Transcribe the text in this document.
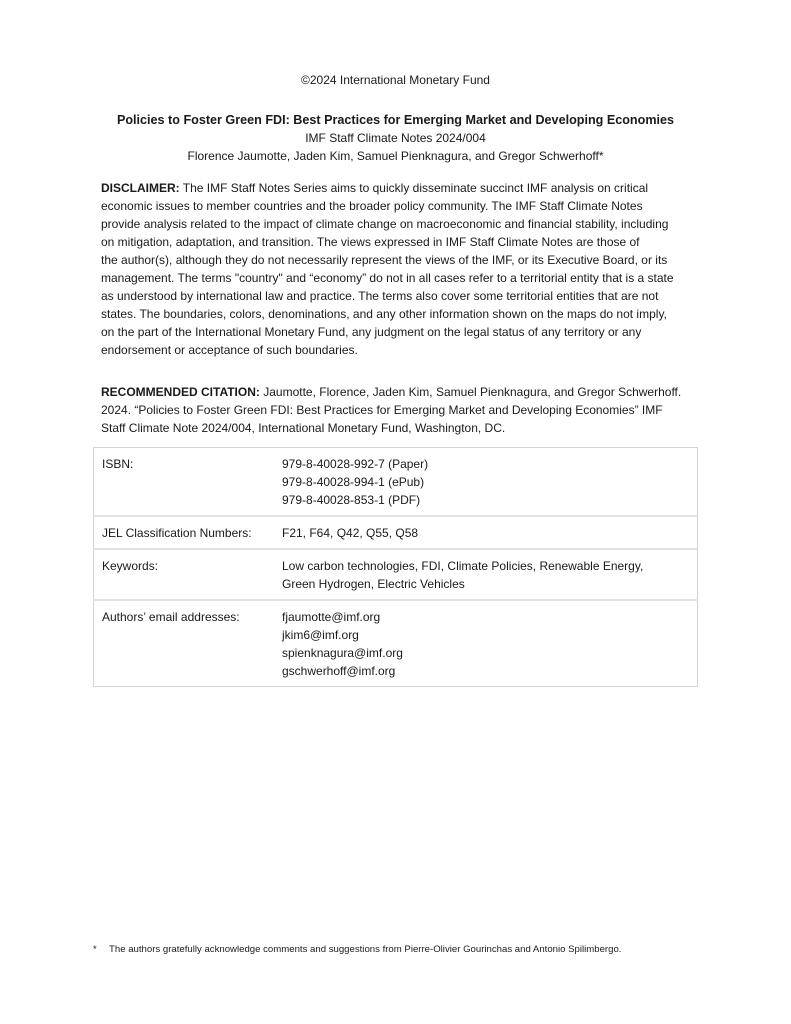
©2024 International Monetary Fund
Policies to Foster Green FDI: Best Practices for Emerging Market and Developing Economies
IMF Staff Climate Notes 2024/004
Florence Jaumotte, Jaden Kim, Samuel Pienknagura, and Gregor Schwerhoff*
DISCLAIMER: The IMF Staff Notes Series aims to quickly disseminate succinct IMF analysis on critical
economic issues to member countries and the broader policy community. The IMF Staff Climate Notes
provide analysis related to the impact of climate change on macroeconomic and financial stability, including
on mitigation, adaptation, and transition. The views expressed in IMF Staff Climate Notes are those of
the author(s), although they do not necessarily represent the views of the IMF, or its Executive Board, or its
management. The terms "country" and “economy” do not in all cases refer to a territorial entity that is a state
as understood by international law and practice. The terms also cover some territorial entities that are not
states. The boundaries, colors, denominations, and any other information shown on the maps do not imply,
on the part of the International Monetary Fund, any judgment on the legal status of any territory or any
endorsement or acceptance of such boundaries.
RECOMMENDED CITATION: Jaumotte, Florence, Jaden Kim, Samuel Pienknagura, and Gregor Schwerhoff.
2024. “Policies to Foster Green FDI: Best Practices for Emerging Market and Developing Economies” IMF
Staff Climate Note 2024/004, International Monetary Fund, Washington, DC.
ISBN:	979-8-40028-992-7 (Paper)
979-8-40028-994-1 (ePub)
979-8-40028-853-1 (PDF)

JEL Classification Numbers:	F21, F64, Q42, Q55, Q58
Keywords:	Low carbon technologies, FDI, Climate Policies, Renewable Energy,
Green Hydrogen, Electric Vehicles

Authors’ email addresses:	fjaumotte@imf.org
jkim6@imf.org
spienknagura@imf.org
gschwerhoff@imf.org
* The authors gratefully acknowledge comments and suggestions from Pierre-Olivier Gourinchas and Antonio Spilimbergo.
